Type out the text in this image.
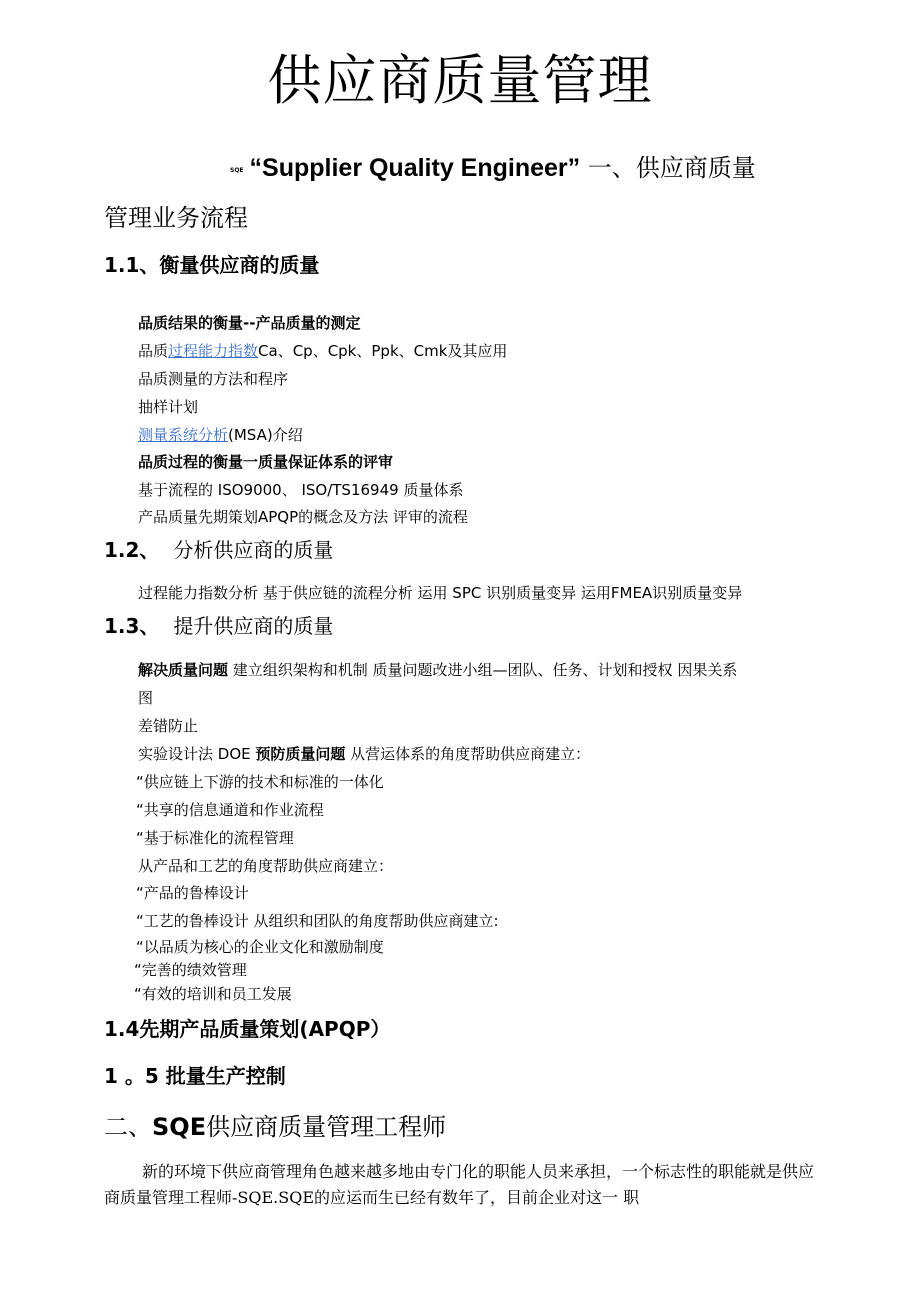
供应商质量管理
SQE “Supplier Quality Engineer” 一、供应商质量
管理业务流程
1.1、衡量供应商的质量
品质结果的衡量--产品质量的测定
品质过程能力指数Ca、Cp、Cpk、Ppk、Cmk及其应用
品质测量的方法和程序
抽样计划
测量系统分析(MSA)介绍
品质过程的衡量一质量保证体系的评审
基于流程的 ISO9000、 ISO/TS16949 质量体系
产品质量先期策划APQP的概念及方法 评审的流程
1.2、 分析供应商的质量
过程能力指数分析 基于供应链的流程分析 运用 SPC 识别质量变异 运用FMEA识别质量变异
1.3、 提升供应商的质量
解决质量问题 建立组织架构和机制 质量问题改进小组—团队、任务、计划和授权 因果关系
图
差错防止
实验设计法 DOE 预防质量问题 从营运体系的角度帮助供应商建立：
“供应链上下游的技术和标准的一体化
“共享的信息通道和作业流程
“基于标准化的流程管理
从产品和工艺的角度帮助供应商建立：
“产品的鲁棒设计
“工艺的鲁棒设计 从组织和团队的角度帮助供应商建立:
“以品质为核心的企业文化和激励制度
“完善的绩效管理
“有效的培训和员工发展
1.4先期产品质量策划(APQP）
1 。5 批量生产控制
二、SQE供应商质量管理工程师
新的环境下供应商管理角色越来越多地由专门化的职能人员来承担，一个标志性的职能就是供应商质量管理工程师-SQE.SQE的应运而生已经有数年了，目前企业对这一 职
